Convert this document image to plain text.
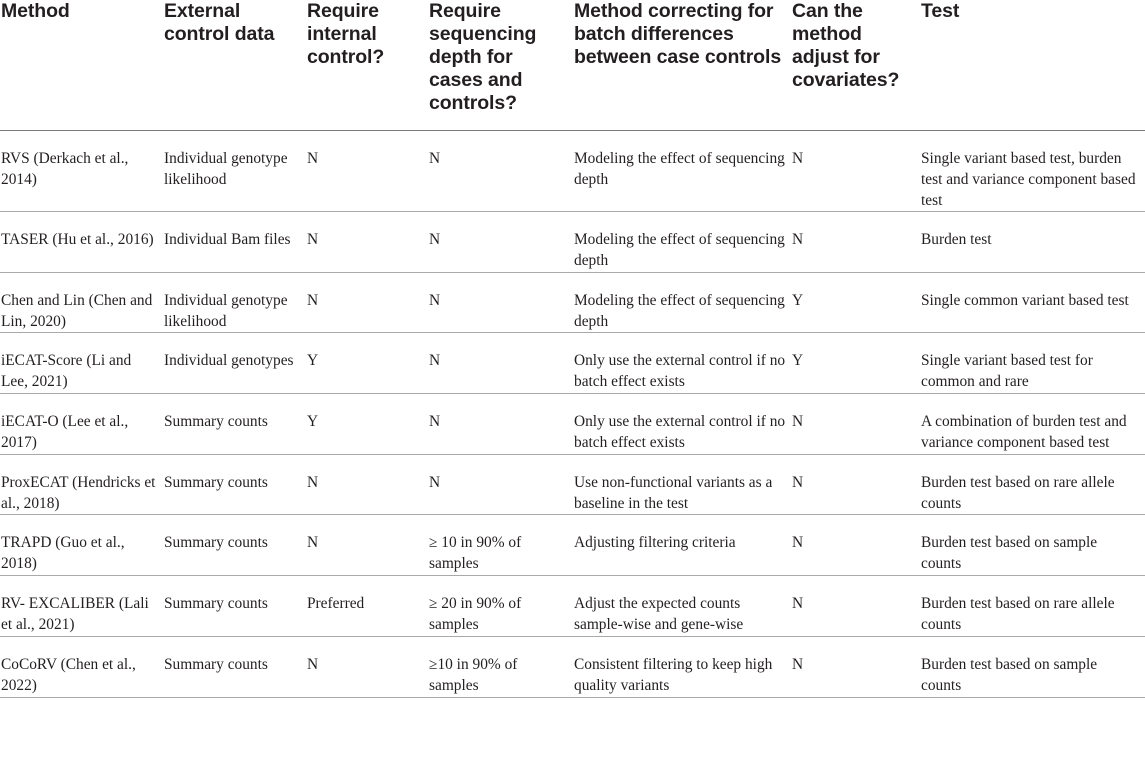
Method	External control data	Require internal control?	Require sequencing depth for cases and controls?	Method correcting for batch differences between case controls	Can the method adjust for covariates?	Test
RVS (Derkach et al., 2014)	Individual genotype likelihood	N	N	Modeling the effect of sequencing depth	N	Single variant based test, burden test and variance component based test
TASER (Hu et al., 2016)	Individual Bam files	N	N	Modeling the effect of sequencing depth	N	Burden test
Chen and Lin (Chen and Lin, 2020)	Individual genotype likelihood	N	N	Modeling the effect of sequencing depth	Y	Single common variant based test
iECAT-Score (Li and Lee, 2021)	Individual genotypes	Y	N	Only use the external control if no batch effect exists	Y	Single variant based test for common and rare
iECAT-O (Lee et al., 2017)	Summary counts	Y	N	Only use the external control if no batch effect exists	N	A combination of burden test and variance component based test
ProxECAT (Hendricks et al., 2018)	Summary counts	N	N	Use non-functional variants as a baseline in the test	N	Burden test based on rare allele counts
TRAPD (Guo et al., 2018)	Summary counts	N	≥ 10 in 90% of samples	Adjusting filtering criteria	N	Burden test based on sample counts
RV- EXCALIBER (Lali et al., 2021)	Summary counts	Preferred	≥ 20 in 90% of samples	Adjust the expected counts sample-wise and gene-wise	N	Burden test based on rare allele counts
CoCoRV (Chen et al., 2022)	Summary counts	N	≥10 in 90% of samples	Consistent filtering to keep high quality variants	N	Burden test based on sample counts
